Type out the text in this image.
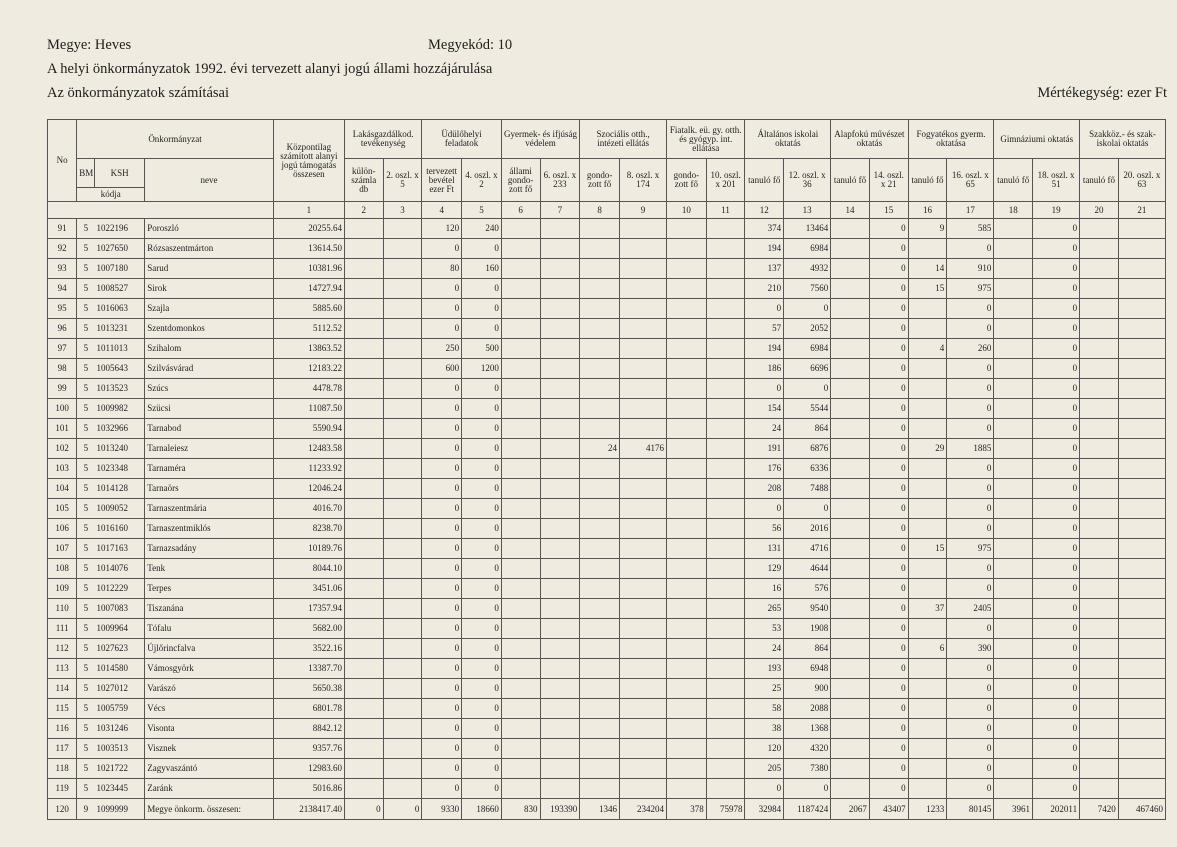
Megye: Heves	Megyekód: 10
A helyi önkormányzatok 1992. évi tervezett alanyi jogú állami hozzájárulása
Az önkormányzatok számításai	Mértékegység: ezer Ft
No	Önkormányzat			Központilag számított alanyi jogú támogatás összesen	Lakásgazdálkod. tevékenység		Üdülőhelyi feladatok		Gyermek- és ifjúság védelem		Szociális otth., intézeti ellátás		Fiatalk. eü. gy. otth. és gyógyp. int. ellátása		Általános iskolai oktatás		Alapfokú művészet oktatás		Fogyatékos gyerm. oktatása		Gimnáziumi oktatás		Szakköz.- és szak-iskolai oktatás	
	BM	KSH	neve		külön-számla db	2. oszl. x 5	tervezett bevétel ezer Ft	4. oszl. x 2	állami gondo-zott fő	6. oszl. x 233	gondo-zott fő	8. oszl. x 174	gondo-zott fő	10. oszl. x 201	tanuló fő	12. oszl. x 36	tanuló fő	14. oszl. x 21	tanuló fő	16. oszl. x 65	tanuló fő	18. oszl. x 51	tanuló fő	20. oszl. x 63
	kódja																							
				1	2	3	4	5	6	7	8	9	10	11	12	13	14	15	16	17	18	19	20	21
91	5	1022196	Poroszló	20255.64			120	240							374	13464		0	9	585		0		
92	5	1027650	Rózsaszentmárton	13614.50			0	0							194	6984		0		0		0		
93	5	1007180	Sarud	10381.96			80	160							137	4932		0	14	910		0		
94	5	1008527	Sirok	14727.94			0	0							210	7560		0	15	975		0		
95	5	1016063	Szajla	5885.60			0	0							0	0		0		0		0		
96	5	1013231	Szentdomonkos	5112.52			0	0							57	2052		0		0		0		
97	5	1011013	Szihalom	13863.52			250	500							194	6984		0	4	260		0		
98	5	1005643	Szilvásvárad	12183.22			600	1200							186	6696		0		0		0		
99	5	1013523	Szúcs	4478.78			0	0							0	0		0		0		0		
100	5	1009982	Szücsi	11087.50			0	0							154	5544		0		0		0		
101	5	1032966	Tarnabod	5590.94			0	0							24	864		0		0		0		
102	5	1013240	Tarnaleiesz	12483.58			0	0			24	4176			191	6876		0	29	1885		0		
103	5	1023348	Tarnaméra	11233.92			0	0							176	6336		0		0		0		
104	5	1014128	Tarnaörs	12046.24			0	0							208	7488		0		0		0		
105	5	1009052	Tarnaszentmária	4016.70			0	0							0	0		0		0		0		
106	5	1016160	Tarnaszentmiklós	8238.70			0	0							56	2016		0		0		0		
107	5	1017163	Tarnazsadány	10189.76			0	0							131	4716		0	15	975		0		
108	5	1014076	Tenk	8044.10			0	0							129	4644		0		0		0		
109	5	1012229	Terpes	3451.06			0	0							16	576		0		0		0		
110	5	1007083	Tiszanána	17357.94			0	0							265	9540		0	37	2405		0		
111	5	1009964	Tófalu	5682.00			0	0							53	1908		0		0		0		
112	5	1027623	Újlőrincfalva	3522.16			0	0							24	864		0	6	390		0		
113	5	1014580	Vámosgyörk	13387.70			0	0							193	6948		0		0		0		
114	5	1027012	Varászó	5650.38			0	0							25	900		0		0		0		
115	5	1005759	Vécs	6801.78			0	0							58	2088		0		0		0		
116	5	1031246	Visonta	8842.12			0	0							38	1368		0		0		0		
117	5	1003513	Visznek	9357.76			0	0							120	4320		0		0		0		
118	5	1021722	Zagyvaszántó	12983.60			0	0							205	7380		0		0		0		
119	5	1023445	Zaránk	5016.86			0	0							0	0		0		0		0		
120	9	1099999	Megye önkorm. összesen:	2138417.40	0	0	9330	18660	830	193390	1346	234204	378	75978	32984	1187424	2067	43407	1233	80145	3961	202011	7420	467460
